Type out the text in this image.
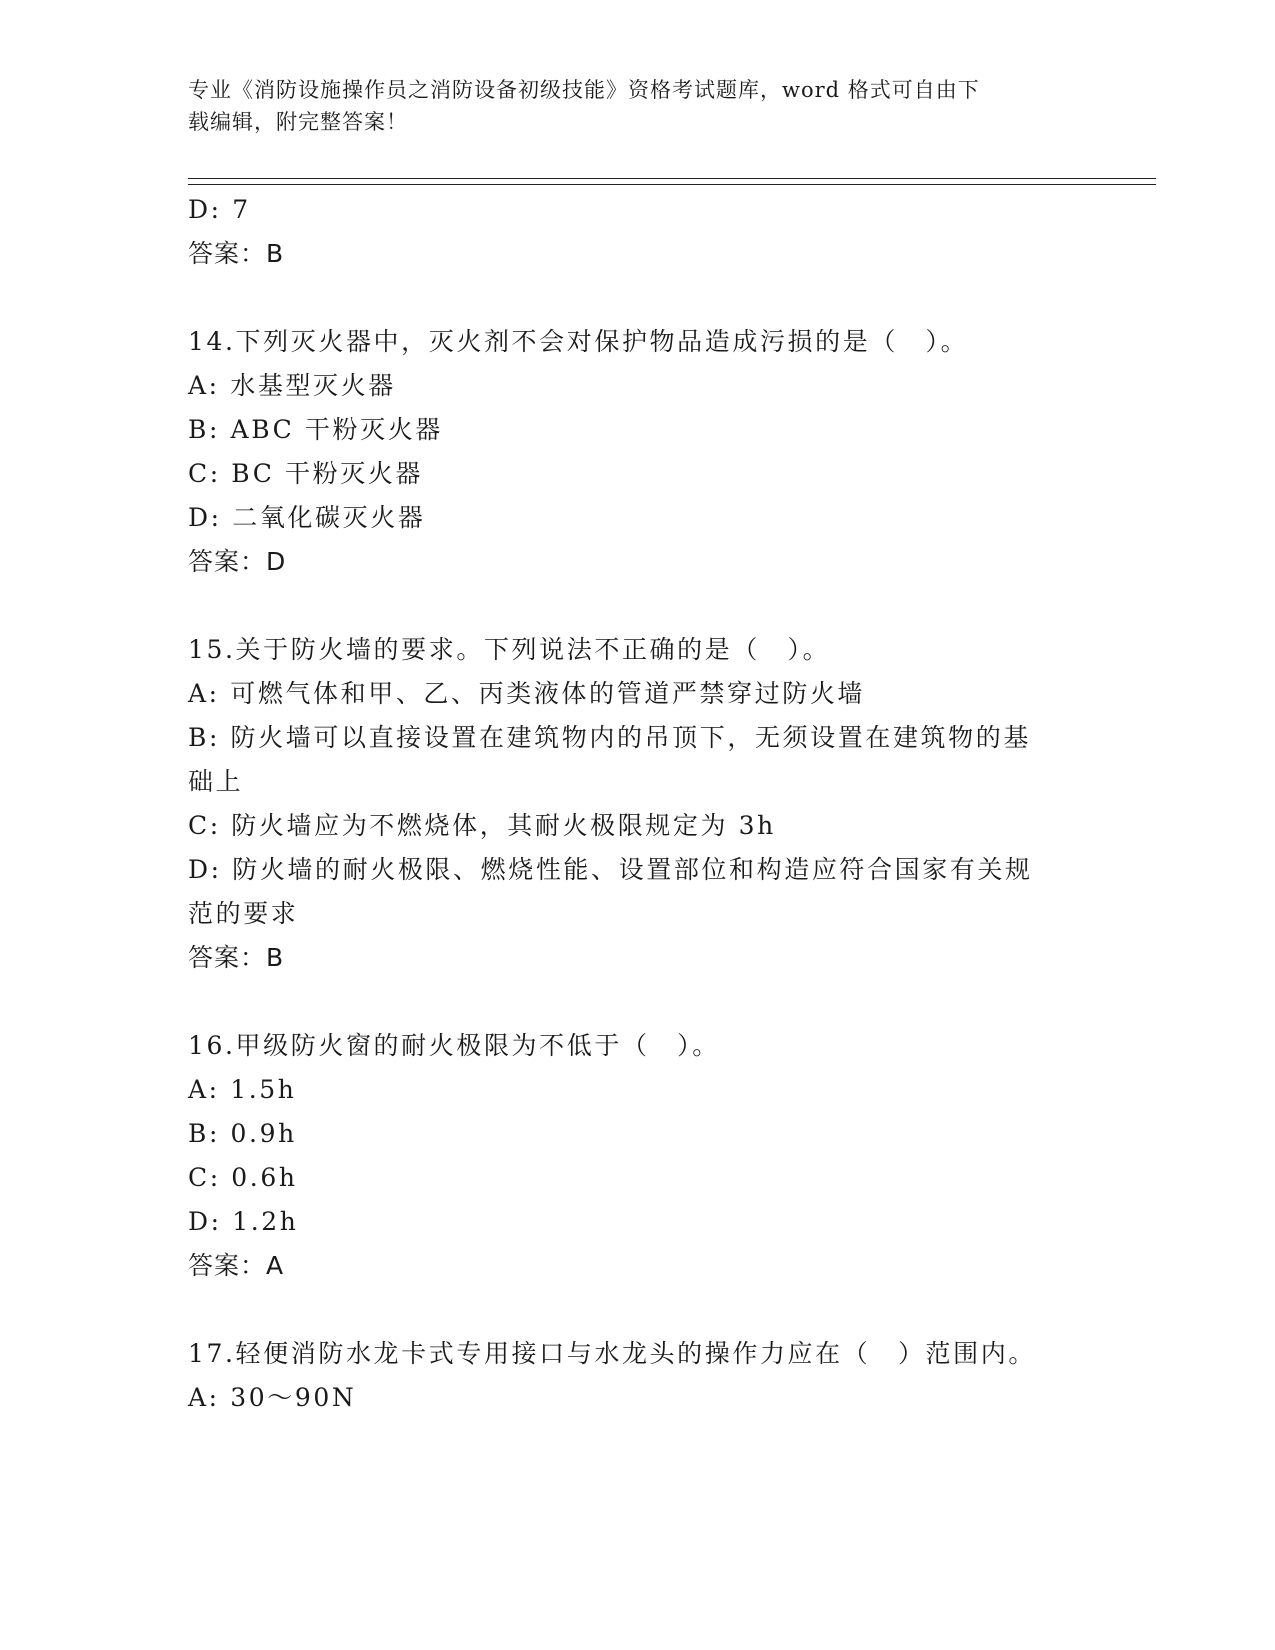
专业《消防设施操作员之消防设备初级技能》资格考试题库，word 格式可自由下
载编辑，附完整答案！
D: 7
答案：B
14.下列灭火器中，灭火剂不会对保护物品造成污损的是（　）。
A: 水基型灭火器
B: ABC 干粉灭火器
C: BC 干粉灭火器
D: 二氧化碳灭火器
答案：D
15.关于防火墙的要求。下列说法不正确的是（　）。
A: 可燃气体和甲、乙、丙类液体的管道严禁穿过防火墙
B: 防火墙可以直接设置在建筑物内的吊顶下，无须设置在建筑物的基
础上
C: 防火墙应为不燃烧体，其耐火极限规定为 3h
D: 防火墙的耐火极限、燃烧性能、设置部位和构造应符合国家有关规
范的要求
答案：B
16.甲级防火窗的耐火极限为不低于（　）。
A: 1.5h
B: 0.9h
C: 0.6h
D: 1.2h
答案：A
17.轻便消防水龙卡式专用接口与水龙头的操作力应在（　）范围内。
A: 30～90N
